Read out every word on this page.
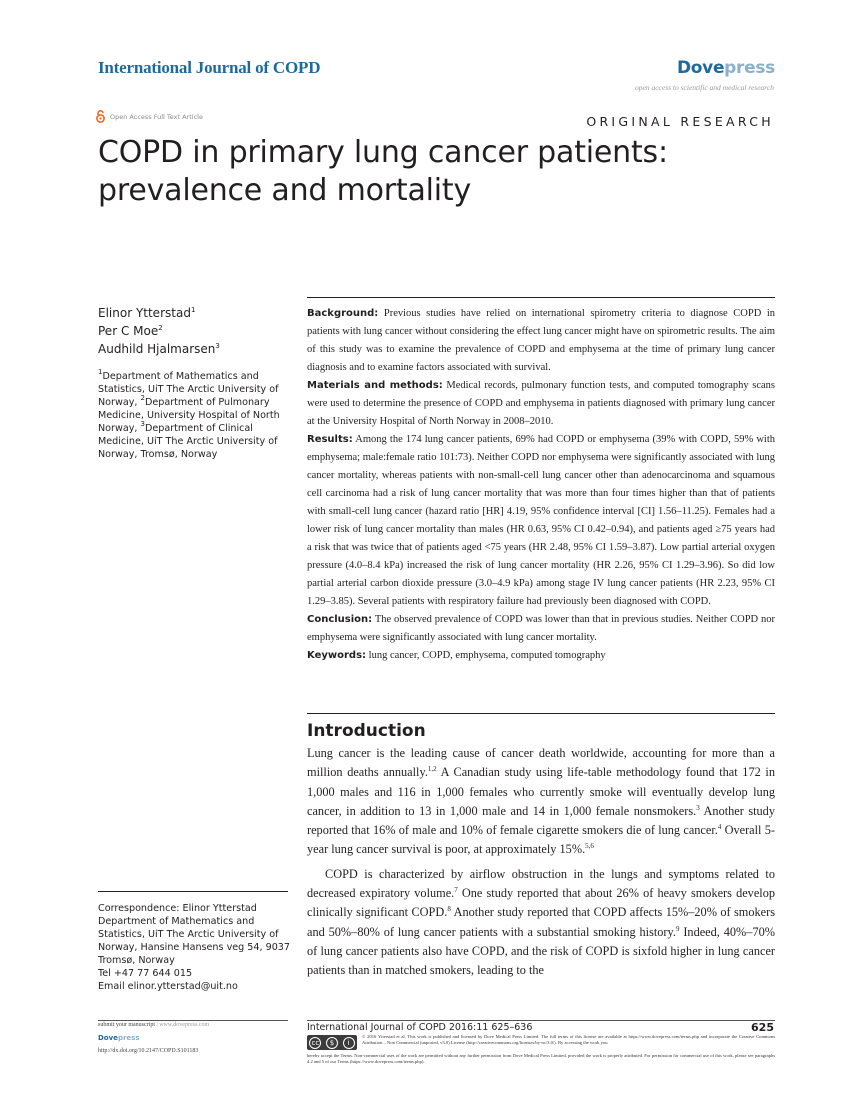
International Journal of COPD	Dovepress
open access to scientific and medical research
Open Access Full Text Article	ORIGINAL RESEARCH
COPD in primary lung cancer patients: prevalence and mortality
Elinor Ytterstad$^1$
Per C Moe$^2$
Audhild Hjalmarsen$^3$
$^1$Department of Mathematics and Statistics, UiT The Arctic University of Norway, $^2$Department of Pulmonary Medicine, University Hospital of North Norway, $^3$Department of Clinical Medicine, UiT The Arctic University of Norway, Tromsø, Norway

Background: Previous studies have relied on international spirometry criteria to diagnose COPD in patients with lung cancer without considering the effect lung cancer might have on spirometric results. The aim of this study was to examine the prevalence of COPD and emphysema at the time of primary lung cancer diagnosis and to examine factors associated with survival.

Materials and methods: Medical records, pulmonary function tests, and computed tomography scans were used to determine the presence of COPD and emphysema in patients diagnosed with primary lung cancer at the University Hospital of North Norway in 2008–2010.

Results: Among the 174 lung cancer patients, 69% had COPD or emphysema (39% with COPD, 59% with emphysema; male:female ratio 101:73). Neither COPD nor emphysema were significantly associated with lung cancer mortality, whereas patients with non-small-cell lung cancer other than adenocarcinoma and squamous cell carcinoma had a risk of lung cancer mortality that was more than four times higher than that of patients with small-cell lung cancer (hazard ratio [HR] 4.19, 95% confidence interval [CI] 1.56–11.25). Females had a lower risk of lung cancer mortality than males (HR 0.63, 95% CI 0.42–0.94), and patients aged ≥75 years had a risk that was twice that of patients aged <75 years (HR 2.48, 95% CI 1.59–3.87). Low partial arterial oxygen pressure (4.0–8.4 kPa) increased the risk of lung cancer mortality (HR 2.26, 95% CI 1.29–3.96). So did low partial arterial carbon dioxide pressure (3.0–4.9 kPa) among stage IV lung cancer patients (HR 2.23, 95% CI 1.29–3.85). Several patients with respiratory failure had previously been diagnosed with COPD.

Conclusion: The observed prevalence of COPD was lower than that in previous studies. Neither COPD nor emphysema were significantly associated with lung cancer mortality.

Keywords: lung cancer, COPD, emphysema, computed tomography

Introduction

Lung cancer is the leading cause of cancer death worldwide, accounting for more than a million deaths annually.$^{1,2}$ A Canadian study using life-table methodology found that 172 in 1,000 males and 116 in 1,000 females who currently smoke will eventually develop lung cancer, in addition to 13 in 1,000 male and 14 in 1,000 female nonsmokers.$^3$ Another study reported that 16% of male and 10% of female cigarette smokers die of lung cancer.$^4$ Overall 5-year lung cancer survival is poor, at approximately 15%.$^{5,6}$

COPD is characterized by airflow obstruction in the lungs and symptoms related to decreased expiratory volume.$^7$ One study reported that about 26% of heavy smokers develop clinically significant COPD.$^8$ Another study reported that COPD affects 15%–20% of smokers and 50%–80% of lung cancer patients with a substantial smoking history.$^9$ Indeed, 40%–70% of lung cancer patients also have COPD, and the risk of COPD is sixfold higher in lung cancer patients than in matched smokers, leading to the

Correspondence: Elinor Ytterstad
Department of Mathematics and Statistics, UiT The Arctic University of Norway, Hansine Hansens veg 54, 9037 Tromsø, Norway
Tel +47 77 644 015
Email elinor.ytterstad@uit.no
submit your manuscript | www.dovepress.com
Dovepress
http://dx.doi.org/10.2147/COPD.S101183
International Journal of COPD 2016:11 625–636	625
cc	$	i
© 2016 Ytterstad et al. This work is published and licensed by Dove Medical Press Limited. The full terms of this license are available at https://www.dovepress.com/terms.php and incorporate the Creative Commons Attribution – Non Commercial (unported, v3.0) License (http://creativecommons.org/licenses/by-nc/3.0/). By accessing the work you
hereby accept the Terms. Non-commercial uses of the work are permitted without any further permission from Dove Medical Press Limited, provided the work is properly attributed. For permission for commercial use of this work, please see paragraphs 4.2 and 5 of our Terms (https://www.dovepress.com/terms.php).
